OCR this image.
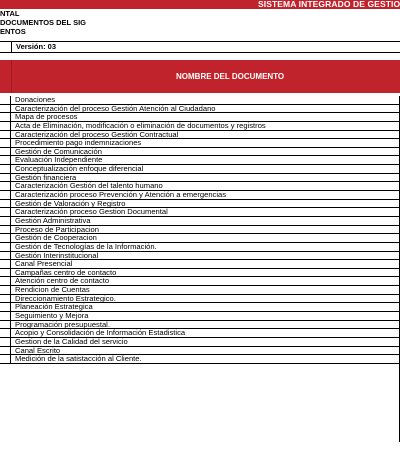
SISTEMA INTEGRADO DE GESTIO
NTAL
DOCUMENTOS DEL SIG
ENTOS
Versión: 03
NOMBRE DEL DOCUMENTO
Donaciones
Caracterización del proceso Gestión Atención al Ciudadano
Mapa de procesos
Acta de Eliminación, modificación o eliminación de documentos y registros
Caracterización del proceso Gestión Contractual
Procedimiento pago indemnizaciones
Gestión de Comunicación
Evaluación Independiente
Conceptualización enfoque diferencial
Gestión financiera
Caracterización Gestión del talento humano
Caracterización proceso Prevención y Atención a emergencias
Gestión de Valoración y Registro
Caracterización proceso Gestion Documental
Gestión Administrativa
Proceso de Participacion
Gestión de Cooperacion
Gestión de Tecnologías de la Información.
Gestión Interinstitucional
Canal Presencial
Campañas centro de contacto
Atención centro de contacto
Rendicion de Cuentas
Direccionamiento Estrategico.
Planeación Estrategica
Seguimiento y Mejora
Programación presupuestal.
Acopio y Consolidación de Información Estadistica
Gestion de la Calidad del servicio
Canal Escrito
Medición de la satistacción al Cliente.
